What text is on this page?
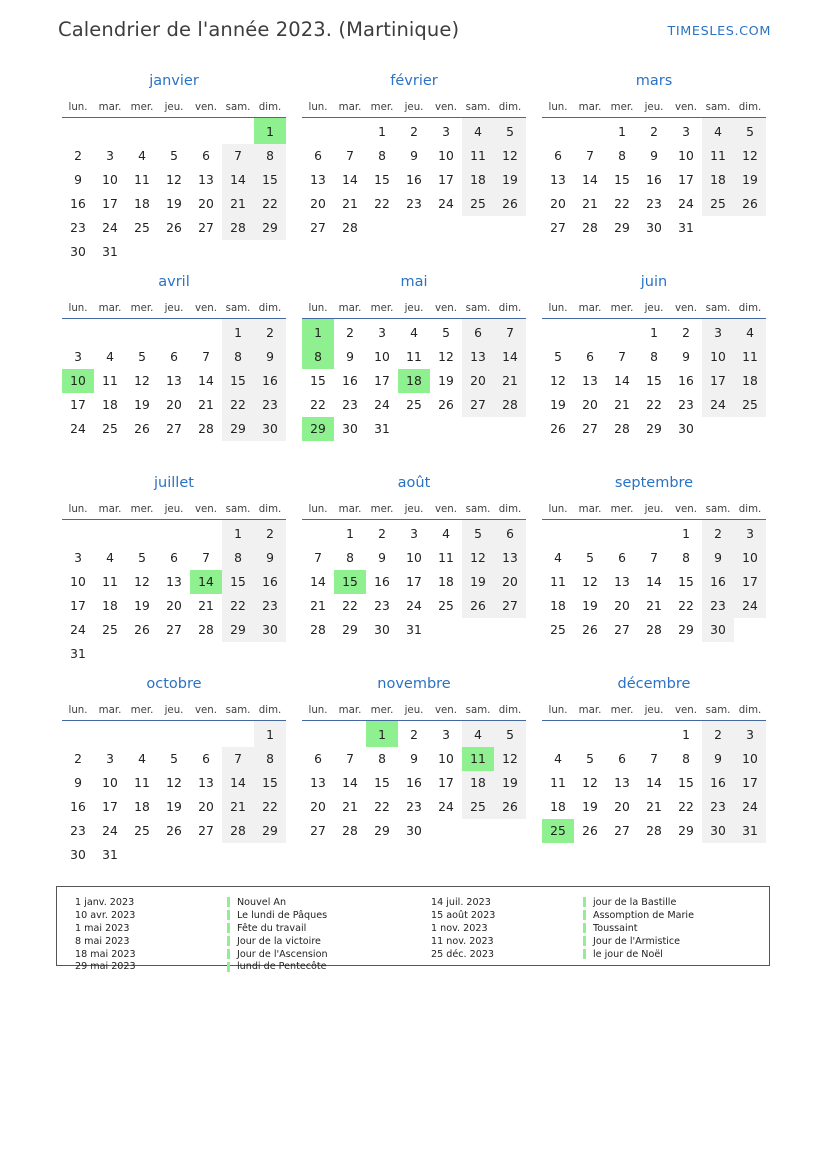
Calendrier de l'année 2023. (Martinique)	TIMESLES.COM
janvier
lun.	mar.	mer.	jeu.	ven.	sam.	dim.
						1
2	3	4	5	6	7	8
9	10	11	12	13	14	15
16	17	18	19	20	21	22
23	24	25	26	27	28	29
30	31					
février
lun.	mar.	mer.	jeu.	ven.	sam.	dim.
		1	2	3	4	5
6	7	8	9	10	11	12
13	14	15	16	17	18	19
20	21	22	23	24	25	26
27	28					
mars
lun.	mar.	mer.	jeu.	ven.	sam.	dim.
		1	2	3	4	5
6	7	8	9	10	11	12
13	14	15	16	17	18	19
20	21	22	23	24	25	26
27	28	29	30	31		
avril
lun.	mar.	mer.	jeu.	ven.	sam.	dim.
					1	2
3	4	5	6	7	8	9
10	11	12	13	14	15	16
17	18	19	20	21	22	23
24	25	26	27	28	29	30
mai
lun.	mar.	mer.	jeu.	ven.	sam.	dim.
1	2	3	4	5	6	7
8	9	10	11	12	13	14
15	16	17	18	19	20	21
22	23	24	25	26	27	28
29	30	31				
juin
lun.	mar.	mer.	jeu.	ven.	sam.	dim.
			1	2	3	4
5	6	7	8	9	10	11
12	13	14	15	16	17	18
19	20	21	22	23	24	25
26	27	28	29	30		
juillet
lun.	mar.	mer.	jeu.	ven.	sam.	dim.
					1	2
3	4	5	6	7	8	9
10	11	12	13	14	15	16
17	18	19	20	21	22	23
24	25	26	27	28	29	30
31						
août
lun.	mar.	mer.	jeu.	ven.	sam.	dim.
	1	2	3	4	5	6
7	8	9	10	11	12	13
14	15	16	17	18	19	20
21	22	23	24	25	26	27
28	29	30	31			
septembre
lun.	mar.	mer.	jeu.	ven.	sam.	dim.
				1	2	3
4	5	6	7	8	9	10
11	12	13	14	15	16	17
18	19	20	21	22	23	24
25	26	27	28	29	30	
octobre
lun.	mar.	mer.	jeu.	ven.	sam.	dim.
						1
2	3	4	5	6	7	8
9	10	11	12	13	14	15
16	17	18	19	20	21	22
23	24	25	26	27	28	29
30	31					
novembre
lun.	mar.	mer.	jeu.	ven.	sam.	dim.
		1	2	3	4	5
6	7	8	9	10	11	12
13	14	15	16	17	18	19
20	21	22	23	24	25	26
27	28	29	30			
décembre
lun.	mar.	mer.	jeu.	ven.	sam.	dim.
				1	2	3
4	5	6	7	8	9	10
11	12	13	14	15	16	17
18	19	20	21	22	23	24
25	26	27	28	29	30	31
1 janv. 2023	Nouvel An
10 avr. 2023	Le lundi de Pâques
1 mai 2023	Fête du travail
8 mai 2023	Jour de la victoire
18 mai 2023	Jour de l'Ascension
29 mai 2023	lundi de Pentecôte
14 juil. 2023	jour de la Bastille
15 août 2023	Assomption de Marie
1 nov. 2023	Toussaint
11 nov. 2023	Jour de l'Armistice
25 déc. 2023	le jour de Noël
